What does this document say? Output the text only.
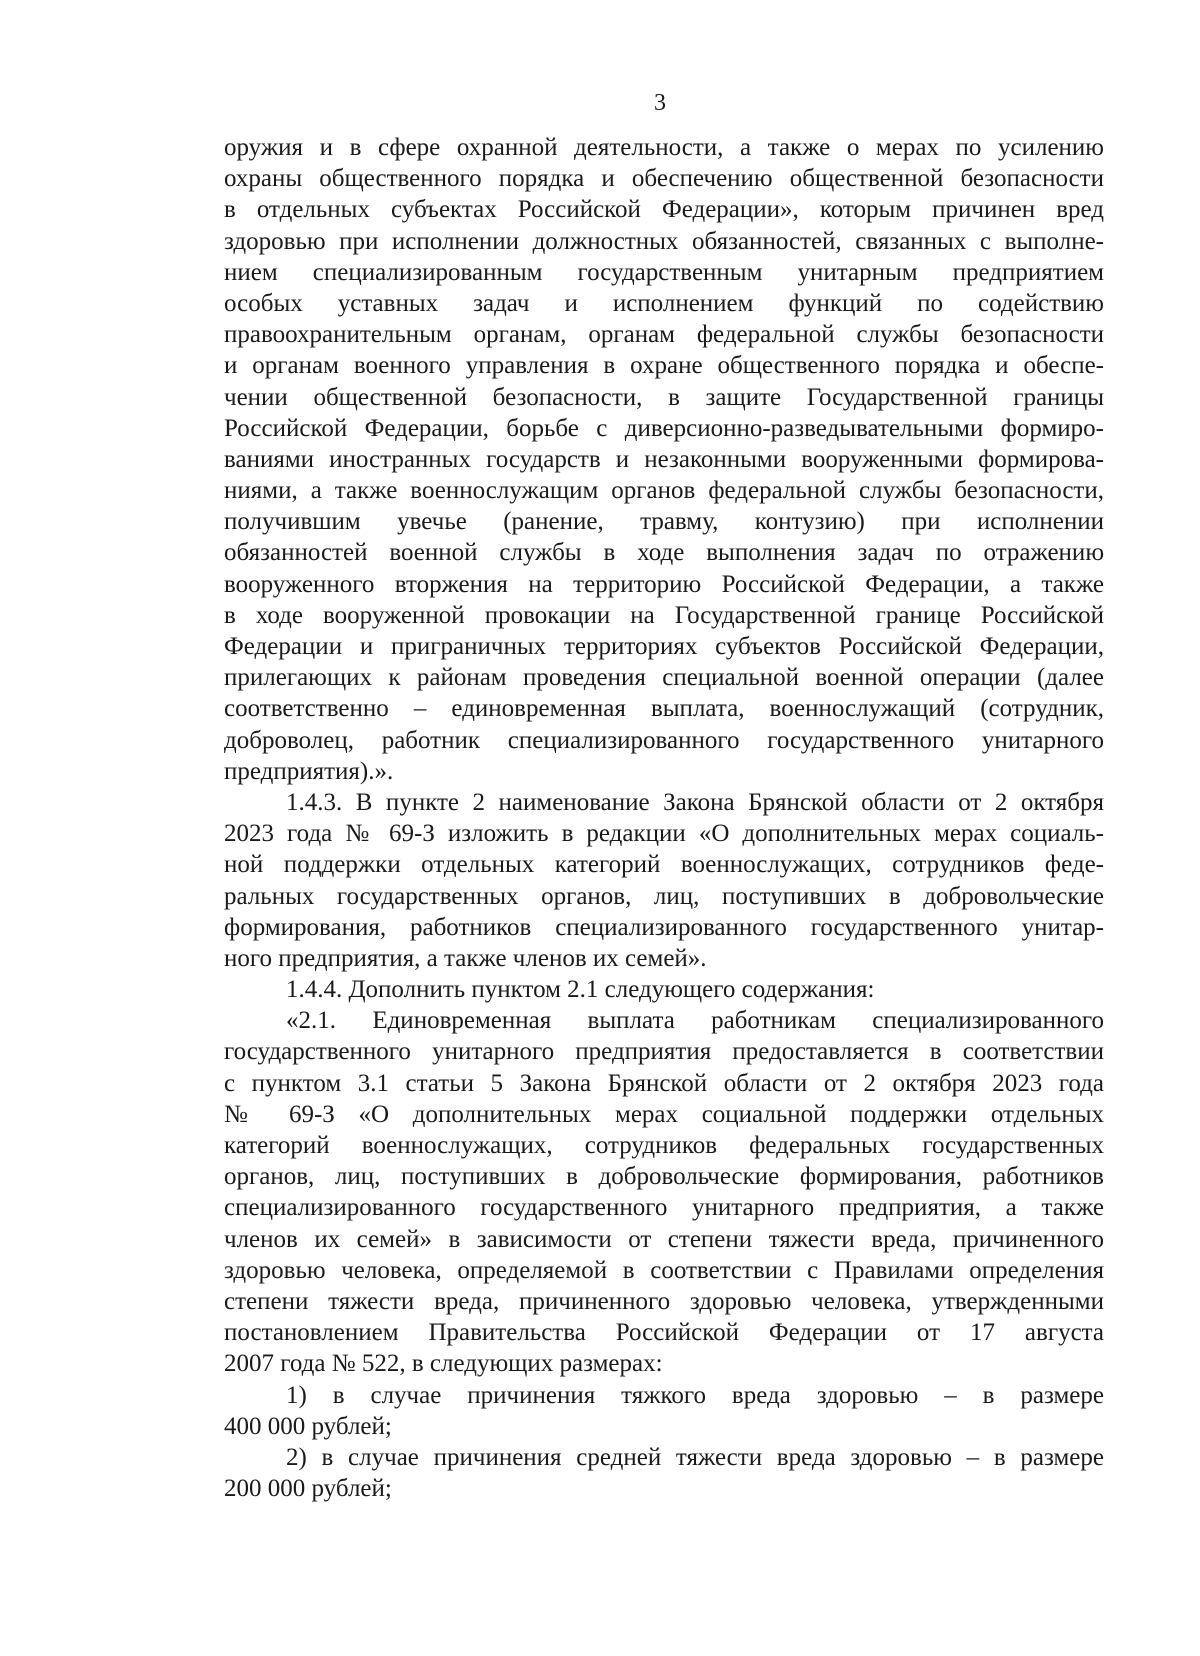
3
оружия и в сфере охранной деятельности, а также о мерах по усилению
охраны общественного порядка и обеспечению общественной безопасности
в отдельных субъектах Российской Федерации», которым причинен вред
здоровью при исполнении должностных обязанностей, связанных с выполне-
нием специализированным государственным унитарным предприятием
особых уставных задач и исполнением функций по содействию
правоохранительным органам, органам федеральной службы безопасности
и органам военного управления в охране общественного порядка и обеспе-
чении общественной безопасности, в защите Государственной границы
Российской Федерации, борьбе с диверсионно-разведывательными формиро-
ваниями иностранных государств и незаконными вооруженными формирова-
ниями, а также военнослужащим органов федеральной службы безопасности,
получившим увечье (ранение, травму, контузию) при исполнении
обязанностей военной службы в ходе выполнения задач по отражению
вооруженного вторжения на территорию Российской Федерации, а также
в ходе вооруженной провокации на Государственной границе Российской
Федерации и приграничных территориях субъектов Российской Федерации,
прилегающих к районам проведения специальной военной операции (далее
соответственно – единовременная выплата, военнослужащий (сотрудник,
доброволец, работник специализированного государственного унитарного
предприятия).».
1.4.3. В пункте 2 наименование Закона Брянской области от 2 октября
2023 года № 69-З изложить в редакции «О дополнительных мерах социаль-
ной поддержки отдельных категорий военнослужащих, сотрудников феде-
ральных государственных органов, лиц, поступивших в добровольческие
формирования, работников специализированного государственного унитар-
ного предприятия, а также членов их семей».
1.4.4. Дополнить пунктом 2.1 следующего содержания:
«2.1. Единовременная выплата работникам специализированного
государственного унитарного предприятия предоставляется в соответствии
с пунктом 3.1 статьи 5 Закона Брянской области от 2 октября 2023 года
№ 69-З «О дополнительных мерах социальной поддержки отдельных
категорий военнослужащих, сотрудников федеральных государственных
органов, лиц, поступивших в добровольческие формирования, работников
специализированного государственного унитарного предприятия, а также
членов их семей» в зависимости от степени тяжести вреда, причиненного
здоровью человека, определяемой в соответствии с Правилами определения
степени тяжести вреда, причиненного здоровью человека, утвержденными
постановлением Правительства Российской Федерации от 17 августа
2007 года № 522, в следующих размерах:
1) в случае причинения тяжкого вреда здоровью – в размере
400 000 рублей;
2) в случае причинения средней тяжести вреда здоровью – в размере
200 000 рублей;
